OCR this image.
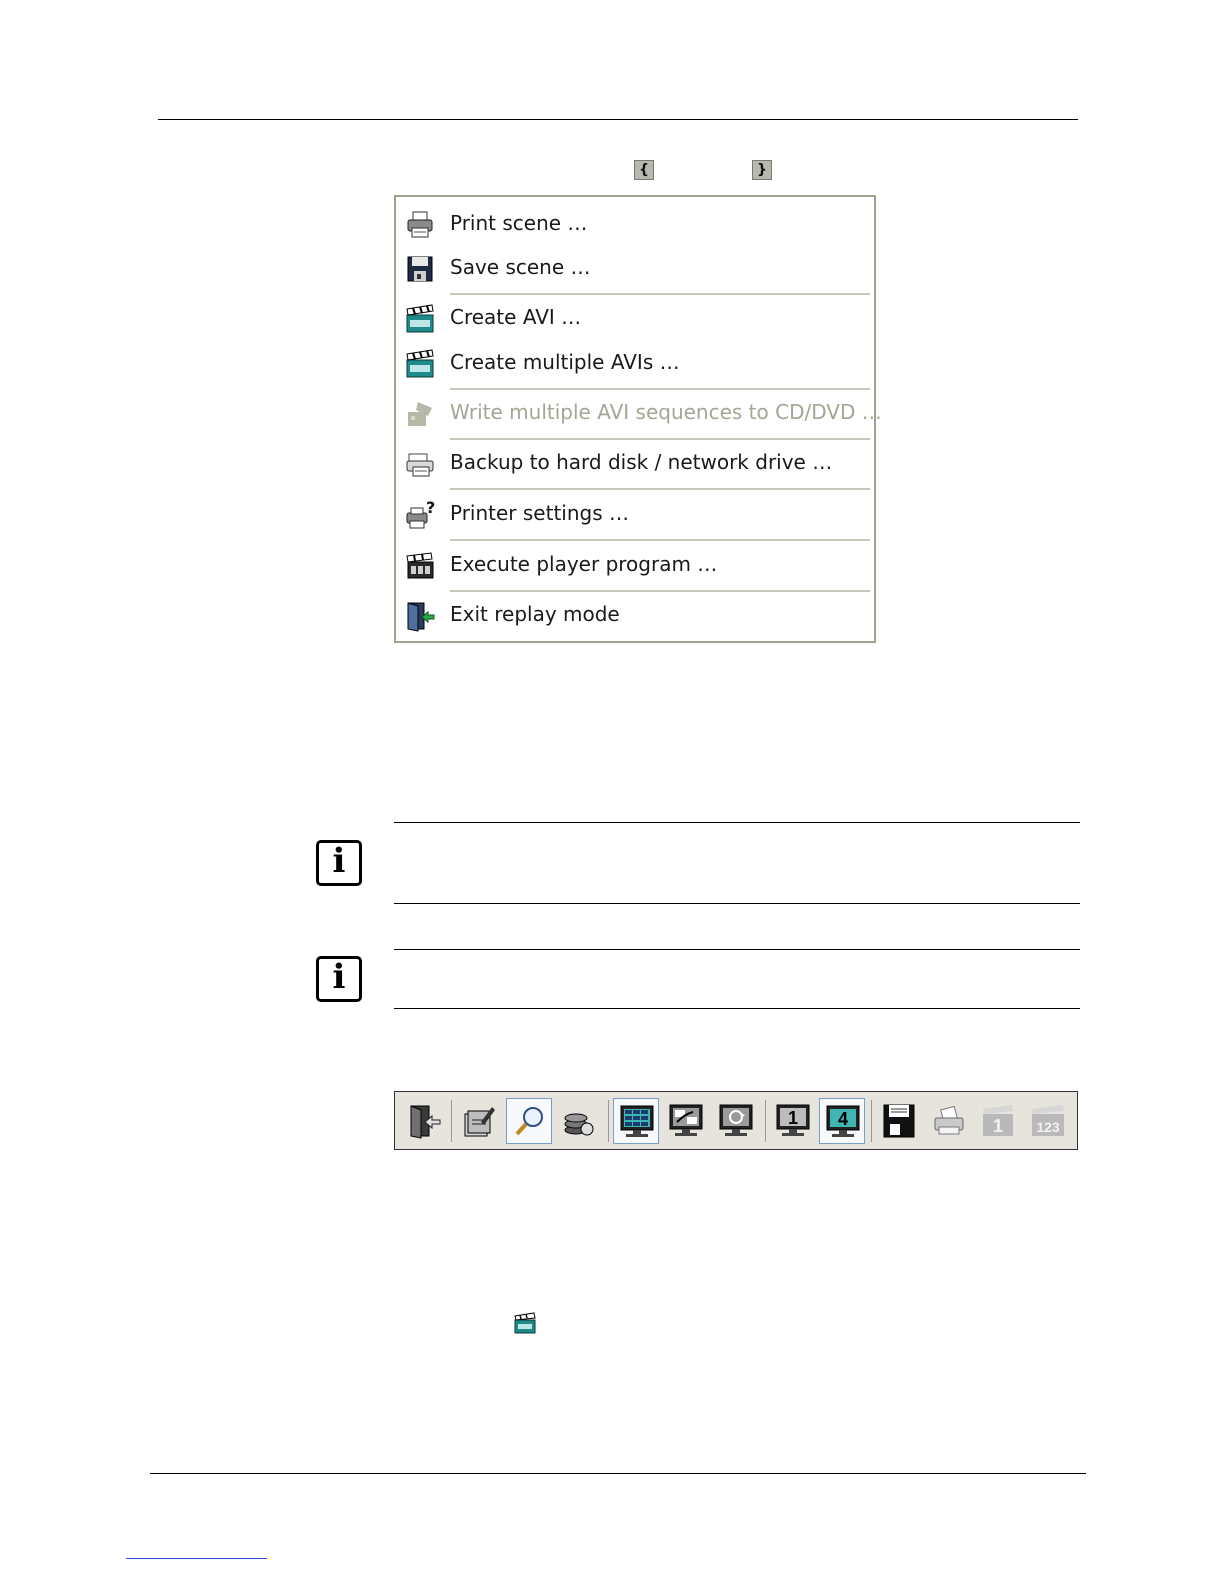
{	}
Print scene …
Save scene …
Create AVI …
Create multiple AVIs …
Write multiple AVI sequences to CD/DVD …
Backup to hard disk / network drive …
? Printer settings …
Execute player program …
Exit replay mode
i
i
1 4	1 123
